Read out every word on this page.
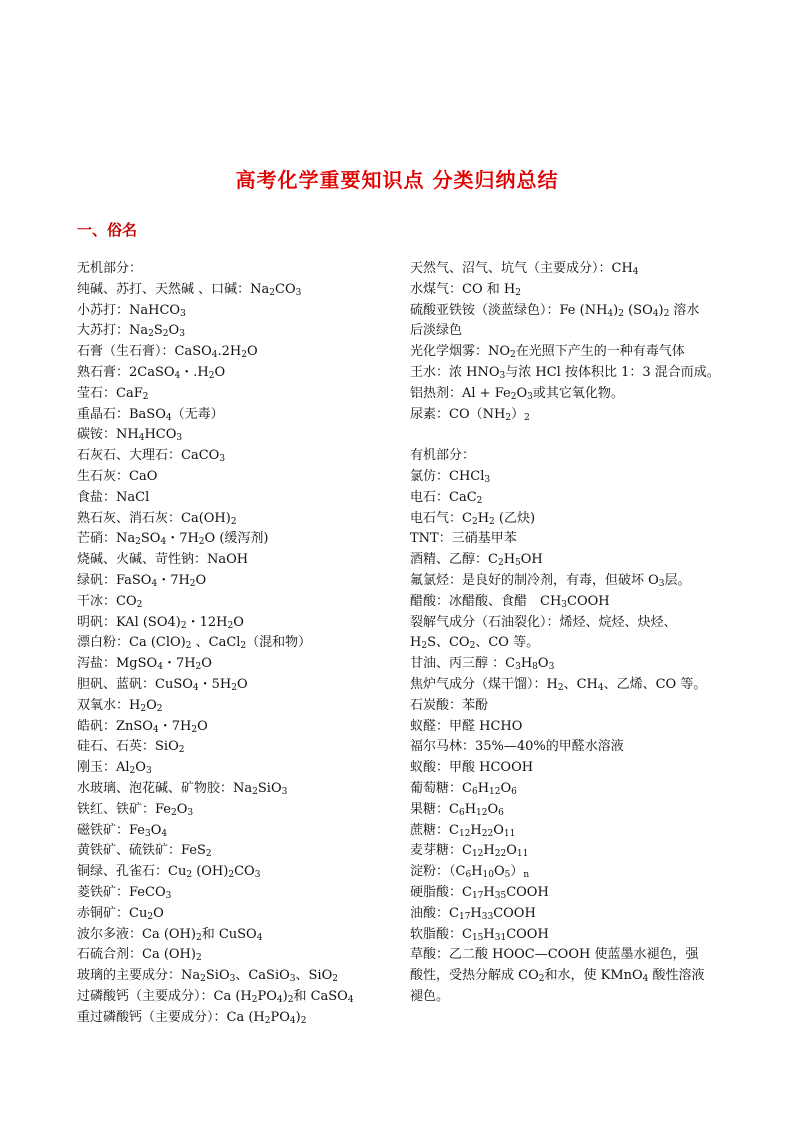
高考化学重要知识点 分类归纳总结
一、俗名
无机部分：
纯碱、苏打、天然碱 、口碱：$Na_2CO_3$
小苏打：NaHCO$_3$
大苏打：$Na_2S_2O_3$
石膏（生石膏）：$CaSO_4.2H_2O$
熟石膏：2CaSO$_4$・$.H_2O$
莹石：CaF$_2$
重晶石：BaSO$_4$（无毒）
碳铵：$NH_4HCO_3$
石灰石、大理石：CaCO$_3$
生石灰：CaO
食盐：NaCl
熟石灰、消石灰：$Ca(OH)_2$
芒硝：$Na_2SO_4$・$7H_2O$ (缓泻剂)
烧碱、火碱、苛性钠：NaOH
绿矾：FaSO$_4$・$7H_2O$
干冰：$CO_2$
明矾：KAl $(SO4)_2$・$12H_2O$
漂白粉：Ca $(ClO)_2$ 、CaCl$_2$（混和物）
泻盐：MgSO$_4$・$7H_2O$
胆矾、蓝矾：CuSO$_4$・$5H_2O$
双氧水：$H_2O_2$
皓矾：ZnSO$_4$・$7H_2O$
硅石、石英：SiO$_2$
刚玉：$Al_2O_3$
水玻璃、泡花碱、矿物胶：$Na_2SiO_3$
铁红、铁矿：$Fe_2O_3$
磁铁矿：$Fe_3O_4$
黄铁矿、硫铁矿：FeS$_2$
铜绿、孔雀石：$Cu_2$ $(OH)_2CO_3$
菱铁矿：FeCO$_3$
赤铜矿：$Cu_2O$
波尔多液：Ca $(OH)_2$和 CuSO$_4$
石硫合剂：Ca $(OH)_2$
玻璃的主要成分：$Na_2SiO_3$、CaSiO$_3$、SiO$_2$
过磷酸钙（主要成分）：Ca $(H_2PO_4)_2$和 CaSO$_4$
重过磷酸钙（主要成分）：Ca $(H_2PO_4)_2$
天然气、沼气、坑气（主要成分）：$CH_4$
水煤气：CO 和 $H_2$
硫酸亚铁铵（淡蓝绿色）：Fe $(NH_4)_2$ $(SO_4)_2$ 溶水
后淡绿色
光化学烟雾：$NO_2$在光照下产生的一种有毒气体
王水：浓 $HNO_3$与浓 HCl 按体积比 1：3 混合而成。
铝热剂：$Al + Fe_2O_3$或其它氧化物。
尿素：$CO(NH_2)_2$
有机部分：
氯仿：CHCl$_3$
电石：CaC$_2$
电石气：$C_2H_2$ (乙炔)
TNT：三硝基甲苯
酒精、乙醇：$C_2H_5OH$
氟氯烃：是良好的制冷剂，有毒，但破坏 $O_3$层。
醋酸：冰醋酸、食醋　$CH_3COOH$
裂解气成分（石油裂化）：烯烃、烷烃、炔烃、
$H_2S$、$CO_2$、CO 等。
甘油、丙三醇 ：$C_3H_8O_3$
焦炉气成分（煤干馏）：$H_2$、$CH_4$、乙烯、CO 等。
石炭酸：苯酚
蚁醛：甲醛 HCHO
福尔马林：35%—40%的甲醛水溶液
蚁酸：甲酸 HCOOH
葡萄糖：$C_6H_{12}O_6$
果糖：$C_6H_{12}O_6$
蔗糖：$C_{12}H_{22}O_{11}$
麦芽糖：$C_{12}H_{22}O_{11}$
淀粉：$(C_6H_{10}O_5)_n$
硬脂酸：$C_{17}H_{35}COOH$
油酸：$C_{17}H_{33}COOH$
软脂酸：$C_{15}H_{31}COOH$
草酸：乙二酸 HOOC—COOH 使蓝墨水褪色，强
酸性，受热分解成 $CO_2$和水，使 KMnO$_4$ 酸性溶液
褪色。
